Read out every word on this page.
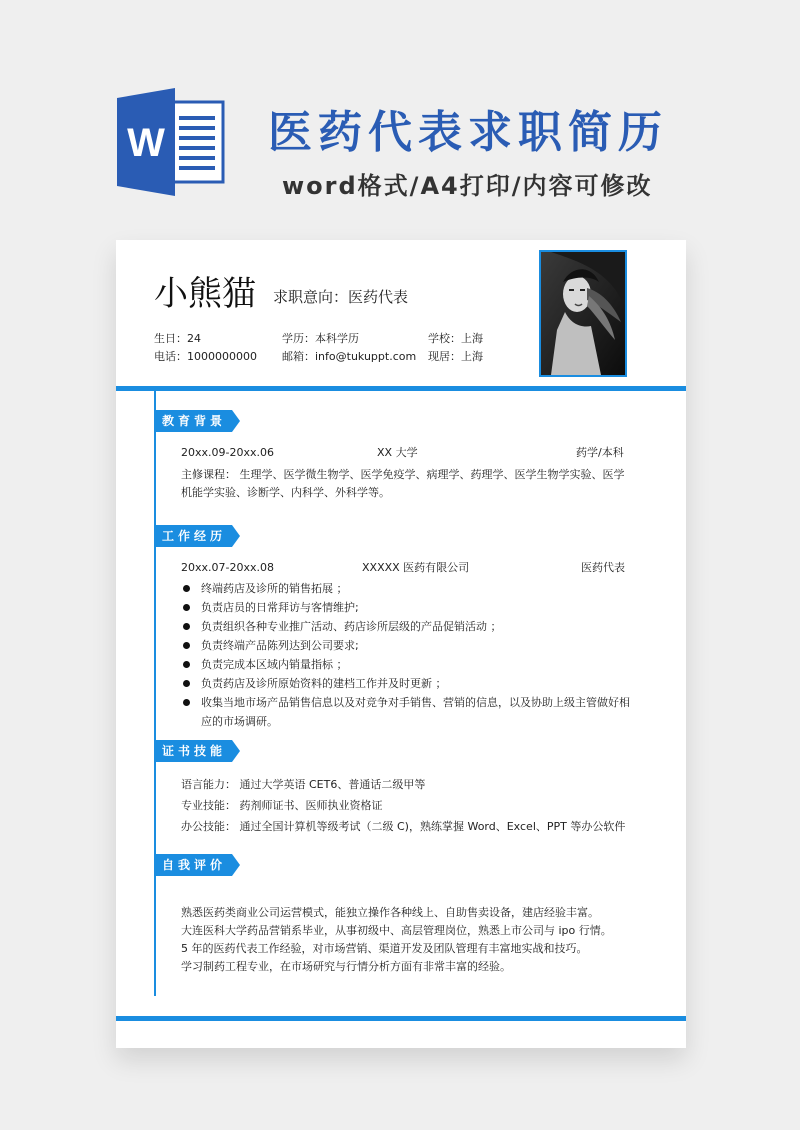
W 医药代表求职简历
word格式/A4打印/内容可修改
小熊猫 求职意向：医药代表
生日：24	学历：本科学历	学校：上海
电话：1000000000 邮箱：info@tukuppt.com 现居：上海
教育背景
20xx.09-20xx.06	XX 大学	药学/本科
主修课程： 生理学、医学微生物学、医学免疫学、病理学、药理学、医学生物学实验、医学机能学实验、诊断学、内科学、外科学等。
工作经历
20xx.07-20xx.08	XXXXX 医药有限公司	医药代表
终端药店及诊所的销售拓展 ；
负责店员的日常拜访与客情维护;
负责组织各种专业推广活动、药店诊所层级的产品促销活动 ；
负责终端产品陈列达到公司要求;
负责完成本区域内销量指标 ；
负责药店及诊所原始资料的建档工作并及时更新 ；
收集当地市场产品销售信息以及对竞争对手销售、营销的信息，以及协助上级主管做好相应的市场调研。
证书技能
语言能力： 通过大学英语 CET6、普通话二级甲等
专业技能： 药剂师证书、医师执业资格证
办公技能： 通过全国计算机等级考试（二级 C)，熟练掌握 Word、Excel、PPT 等办公软件
自我评价
熟悉医药类商业公司运营模式，能独立操作各种线上、自助售卖设备，建店经验丰富。
大连医科大学药品营销系毕业，从事初级中、高层管理岗位，熟悉上市公司与 ipo 行情。
5 年的医药代表工作经验，对市场营销、渠道开发及团队管理有丰富地实战和技巧。
学习制药工程专业，在市场研究与行情分析方面有非常丰富的经验。
